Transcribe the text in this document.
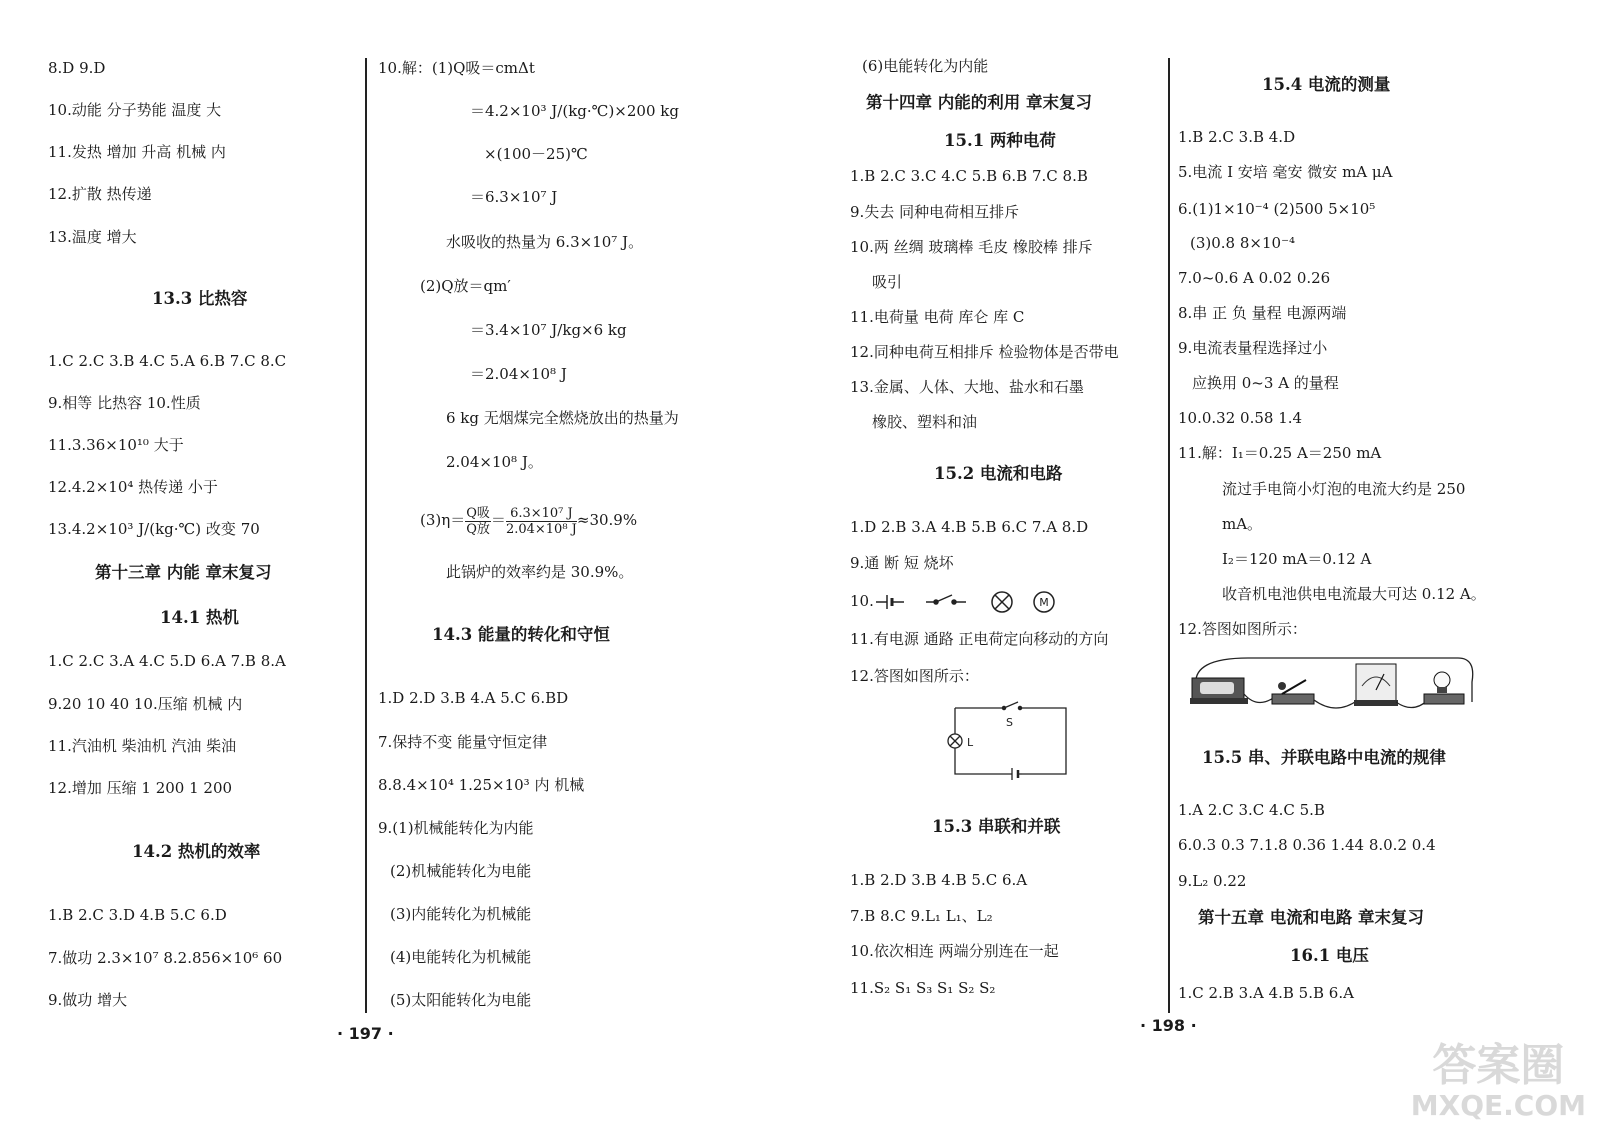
8.D 9.D
10.动能 分子势能 温度 大
11.发热 增加 升高 机械 内
12.扩散 热传递
13.温度 增大
13.3 比热容
1.C 2.C 3.B 4.C 5.A 6.B 7.C 8.C
9.相等 比热容 10.性质
11.3.36×10¹⁰ 大于
12.4.2×10⁴ 热传递 小于
13.4.2×10³ J/(kg·℃) 改变 70
第十三章 内能 章末复习
14.1 热机
1.C 2.C 3.A 4.C 5.D 6.A 7.B 8.A
9.20 10 40 10.压缩 机械 内
11.汽油机 柴油机 汽油 柴油
12.增加 压缩 1 200 1 200
14.2 热机的效率
1.B 2.C 3.D 4.B 5.C 6.D
7.做功 2.3×10⁷ 8.2.856×10⁶ 60
9.做功 增大
10.解：(1)Q吸＝cmΔt
＝4.2×10³ J/(kg·℃)×200 kg
×(100－25)℃
＝6.3×10⁷ J
水吸收的热量为 6.3×10⁷ J。
(2)Q放＝qm′
＝3.4×10⁷ J/kg×6 kg
＝2.04×10⁸ J
6 kg 无烟煤完全燃烧放出的热量为
2.04×10⁸ J。
$(3)\eta= \frac{\text{Q吸}}{\text{Q放}} = \frac{\text{6.3×10⁷ J}}{\text{2.04×10⁸ J}} \approx 30.9\%$
此锅炉的效率约是 30.9%。
14.3 能量的转化和守恒
1.D 2.D 3.B 4.A 5.C 6.BD
7.保持不变 能量守恒定律
8.8.4×10⁴ 1.25×10³ 内 机械
9.(1)机械能转化为内能
(2)机械能转化为电能
(3)内能转化为机械能
(4)电能转化为机械能
(5)太阳能转化为电能
· 197 ·
(6)电能转化为内能
第十四章 内能的利用 章末复习
15.1 两种电荷
1.B 2.C 3.C 4.C 5.B 6.B 7.C 8.B
9.失去 同种电荷相互排斥
10.两 丝绸 玻璃棒 毛皮 橡胶棒 排斥
吸引
11.电荷量 电荷 库仑 库 C
12.同种电荷互相排斥 检验物体是否带电
13.金属、人体、大地、盐水和石墨
橡胶、塑料和油
15.2 电流和电路
1.D 2.B 3.A 4.B 5.B 6.C 7.A 8.D
9.通 断 短 烧坏
10.	M
11.有电源 通路 正电荷定向移动的方向
12.答图如图所示：
S
L
15.3 串联和并联
1.B 2.D 3.B 4.B 5.C 6.A
7.B 8.C 9.L₁ L₁、L₂
10.依次相连 两端分别连在一起
11.S₂ S₁ S₃ S₁ S₂ S₂
15.4 电流的测量
1.B 2.C 3.B 4.D
5.电流 I 安培 毫安 微安 mA μA
6.(1)1×10⁻⁴ (2)500 5×10⁵
(3)0.8 8×10⁻⁴
7.0~0.6 A 0.02 0.26
8.串 正 负 量程 电源两端
9.电流表量程选择过小
应换用 0~3 A 的量程
10.0.32 0.58 1.4
11.解：I₁＝0.25 A＝250 mA
流过手电筒小灯泡的电流大约是 250
mA。
I₂＝120 mA＝0.12 A
收音机电池供电电流最大可达 0.12 A。
12.答图如图所示：
15.5 串、并联电路中电流的规律
1.A 2.C 3.C 4.C 5.B
6.0.3 0.3 7.1.8 0.36 1.44 8.0.2 0.4
9.L₂ 0.22
第十五章 电流和电路 章末复习
16.1 电压
1.C 2.B 3.A 4.B 5.B 6.A
· 198 ·
答案圈
MXQE.COM
